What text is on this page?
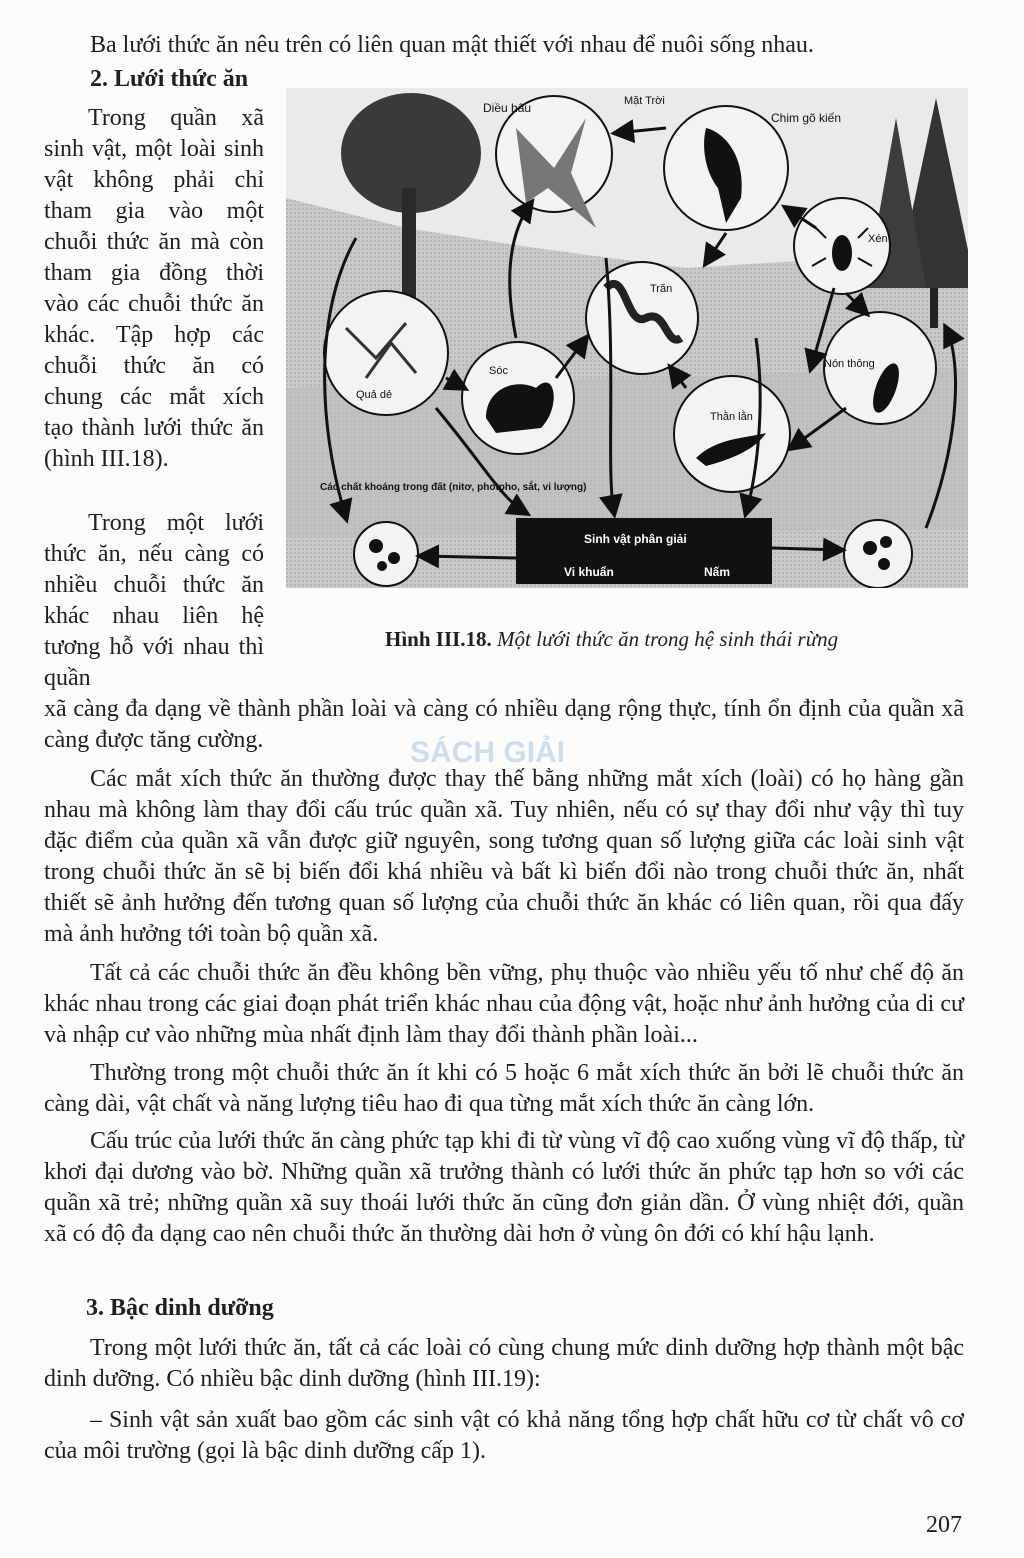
Ba lưới thức ăn nêu trên có liên quan mật thiết với nhau để nuôi sống nhau.

2. Lưới thức ăn

Trong quần xã sinh vật, một loài sinh vật không phải chỉ tham gia vào một chuỗi thức ăn mà còn tham gia đồng thời vào các chuỗi thức ăn khác. Tập hợp các chuỗi thức ăn có chung các mắt xích tạo thành lưới thức ăn (hình III.18).

Trong một lưới thức ăn, nếu càng có nhiều chuỗi thức ăn khác nhau liên hệ tương hỗ với nhau thì quần

Diều hâu	Mặt Trời
Chim gõ kiến
Xén
Trăn
Sóc
Quả dẻ
Nón thông
Thằn lằn
Các chất khoáng trong đất (nitơ, photpho, sắt, vi lượng)
Sinh vật phân giải
Vi khuẩn	Nấm
Hình III.18. Một lưới thức ăn trong hệ sinh thái rừng

xã càng đa dạng về thành phần loài và càng có nhiều dạng rộng thực, tính ổn định của quần xã càng được tăng cường.	SÁCH GIẢI

Các mắt xích thức ăn thường được thay thế bằng những mắt xích (loài) có họ hàng gần nhau mà không làm thay đổi cấu trúc quần xã. Tuy nhiên, nếu có sự thay đổi như vậy thì tuy đặc điểm của quần xã vẫn được giữ nguyên, song tương quan số lượng giữa các loài sinh vật trong chuỗi thức ăn sẽ bị biến đổi khá nhiều và bất kì biến đổi nào trong chuỗi thức ăn, nhất thiết sẽ ảnh hưởng đến tương quan số lượng của chuỗi thức ăn khác có liên quan, rồi qua đấy mà ảnh hưởng tới toàn bộ quần xã.

Tất cả các chuỗi thức ăn đều không bền vững, phụ thuộc vào nhiều yếu tố như chế độ ăn khác nhau trong các giai đoạn phát triển khác nhau của động vật, hoặc như ảnh hưởng của di cư và nhập cư vào những mùa nhất định làm thay đổi thành phần loài...

Thường trong một chuỗi thức ăn ít khi có 5 hoặc 6 mắt xích thức ăn bởi lẽ chuỗi thức ăn càng dài, vật chất và năng lượng tiêu hao đi qua từng mắt xích thức ăn càng lớn.

Cấu trúc của lưới thức ăn càng phức tạp khi đi từ vùng vĩ độ cao xuống vùng vĩ độ thấp, từ khơi đại dương vào bờ. Những quần xã trưởng thành có lưới thức ăn phức tạp hơn so với các quần xã trẻ; những quần xã suy thoái lưới thức ăn cũng đơn giản dần. Ở vùng nhiệt đới, quần xã có độ đa dạng cao nên chuỗi thức ăn thường dài hơn ở vùng ôn đới có khí hậu lạnh.

3. Bậc dinh dưỡng

Trong một lưới thức ăn, tất cả các loài có cùng chung mức dinh dưỡng hợp thành một bậc dinh dưỡng. Có nhiều bậc dinh dưỡng (hình III.19):

– Sinh vật sản xuất bao gồm các sinh vật có khả năng tổng hợp chất hữu cơ từ chất vô cơ của môi trường (gọi là bậc dinh dưỡng cấp 1).

207
